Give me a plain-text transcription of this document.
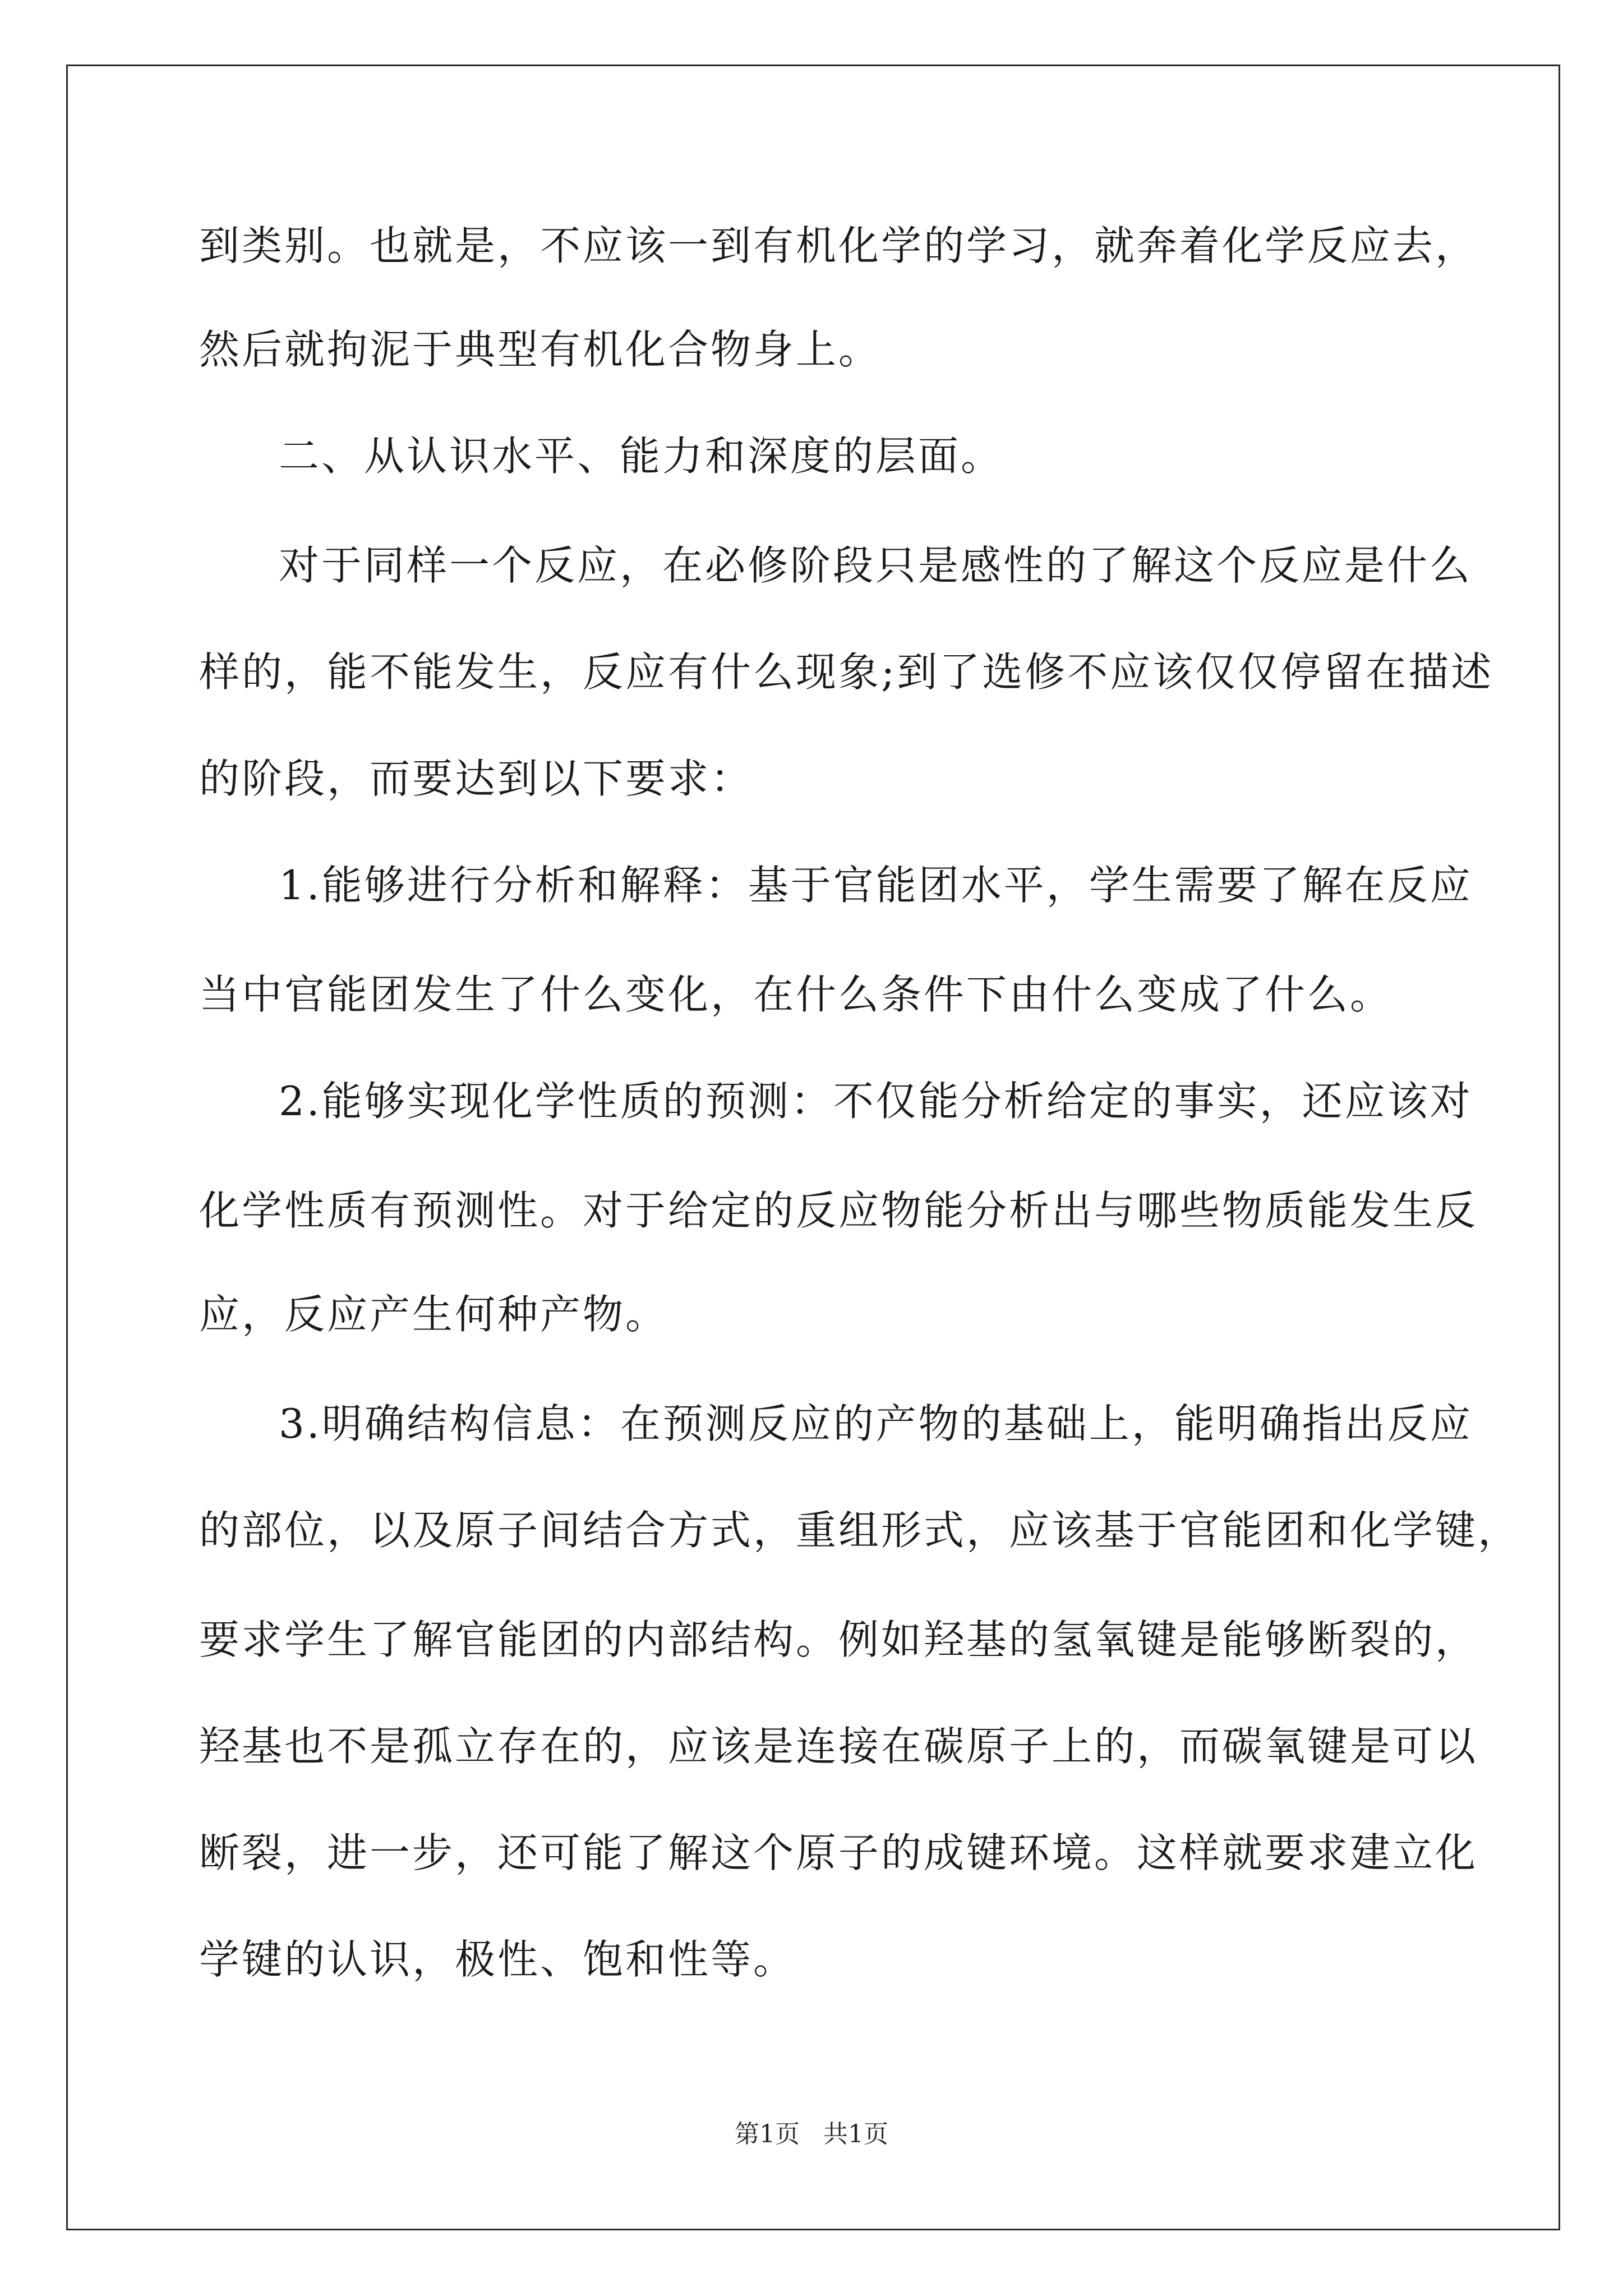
到类别。也就是，不应该一到有机化学的学习，就奔着化学反应去，
然后就拘泥于典型有机化合物身上。
二、从认识水平、能力和深度的层面。
对于同样一个反应，在必修阶段只是感性的了解这个反应是什么
样的，能不能发生，反应有什么现象;到了选修不应该仅仅停留在描述
的阶段，而要达到以下要求：
1.能够进行分析和解释：基于官能团水平，学生需要了解在反应
当中官能团发生了什么变化，在什么条件下由什么变成了什么。
2.能够实现化学性质的预测：不仅能分析给定的事实，还应该对
化学性质有预测性。对于给定的反应物能分析出与哪些物质能发生反
应，反应产生何种产物。
3.明确结构信息：在预测反应的产物的基础上，能明确指出反应
的部位，以及原子间结合方式，重组形式，应该基于官能团和化学键，
要求学生了解官能团的内部结构。例如羟基的氢氧键是能够断裂的，
羟基也不是孤立存在的，应该是连接在碳原子上的，而碳氧键是可以
断裂，进一步，还可能了解这个原子的成键环境。这样就要求建立化
学键的认识，极性、饱和性等。
第1页   共1页
